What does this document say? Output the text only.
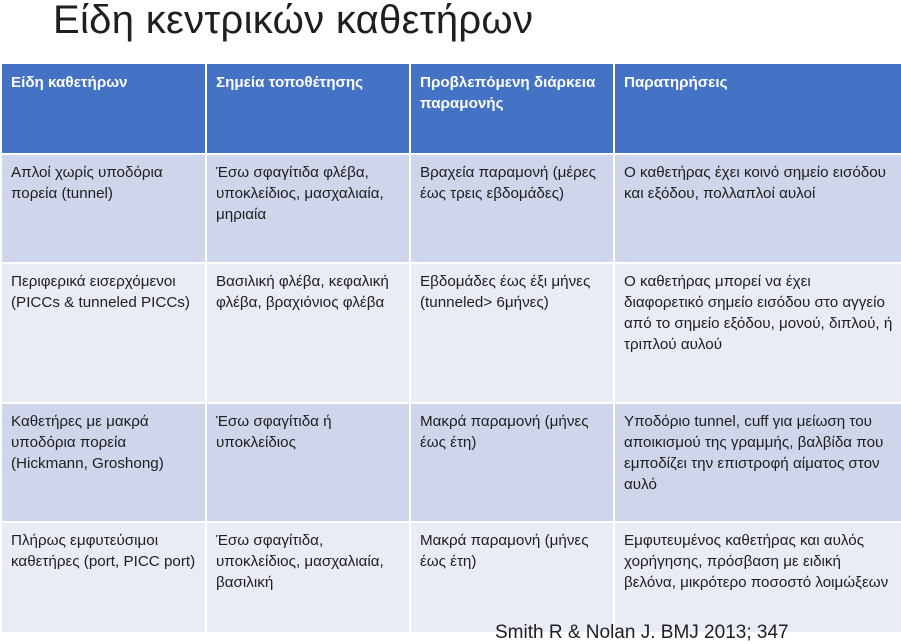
Είδη κεντρικών καθετήρων
Είδη καθετήρων	Σημεία τοποθέτησης	Προβλεπόμενη διάρκεια παραμονής	Παρατηρήσεις
Απλοί χωρίς υποδόρια πορεία (tunnel)	Έσω σφαγίτιδα φλέβα, υποκλείδιος, μασχαλιαία, μηριαία	Βραχεία παραμονή (μέρες έως τρεις εβδομάδες)	Ο καθετήρας έχει κοινό σημείο εισόδου και εξόδου, πολλαπλοί αυλοί
Περιφερικά εισερχόμενοι (PICCs & tunneled PICCs)	Βασιλική φλέβα, κεφαλική φλέβα, βραχιόνιος φλέβα	Εβδομάδες έως έξι μήνες (tunneled> 6μήνες)	Ο καθετήρας μπορεί να έχει διαφορετικό σημείο εισόδου στο αγγείο από το σημείο εξόδου, μονού, διπλού, ή τριπλού αυλού
Καθετήρες με μακρά υποδόρια πορεία (Hickmann, Groshong)	Έσω σφαγίτιδα ή υποκλείδιος	Μακρά παραμονή (μήνες έως έτη)	Υποδόριο tunnel, cuff για μείωση του αποικισμού της γραμμής, βαλβίδα που εμποδίζει την επιστροφή αίματος στον αυλό
Πλήρως εμφυτεύσιμοι καθετήρες (port, PICC port)	Έσω σφαγίτιδα, υποκλείδιος, μασχαλιαία, βασιλική	Μακρά παραμονή (μήνες έως έτη)	Εμφυτευμένος καθετήρας και αυλός χορήγησης, πρόσβαση με ειδική βελόνα, μικρότερο ποσοστό λοιμώξεων
Smith R & Nolan J. BMJ 2013; 347
